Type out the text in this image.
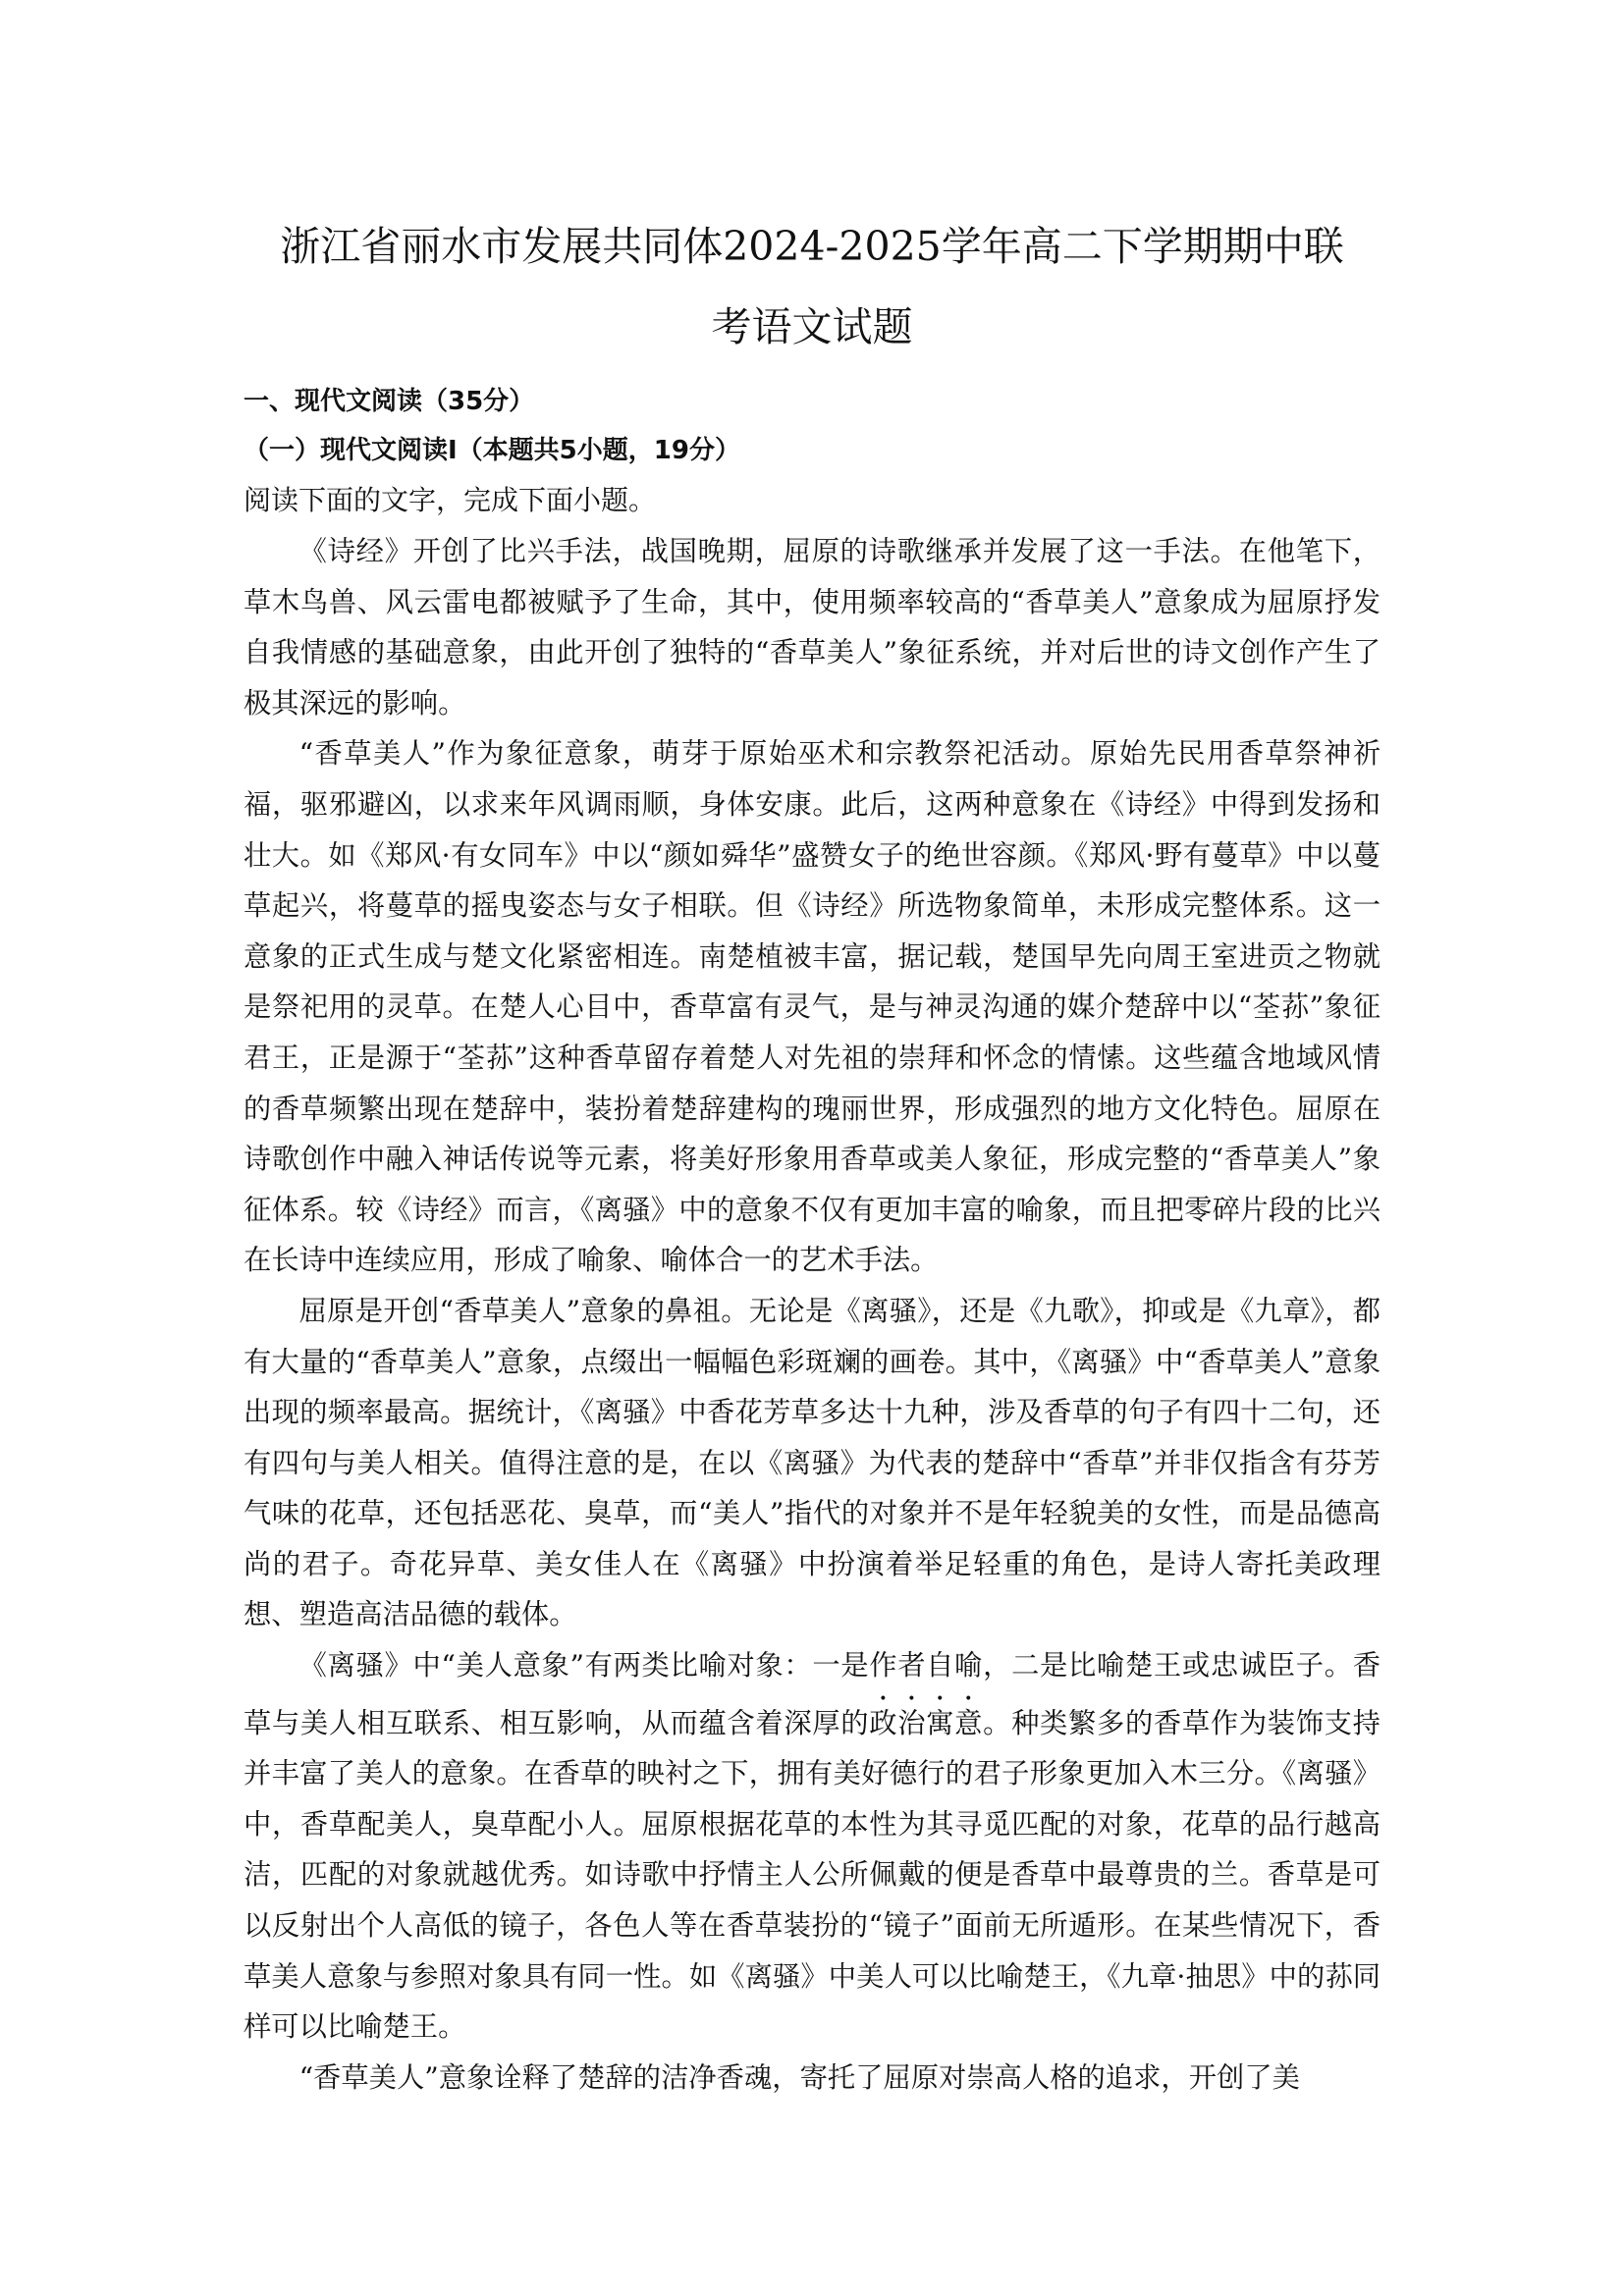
浙江省丽水市发展共同体2024-2025学年高二下学期期中联
考语文试题

一、现代文阅读（35分）

（一）现代文阅读Ⅰ（本题共5小题，19分）

阅读下面的文字，完成下面小题。

《诗经》开创了比兴手法，战国晚期，屈原的诗歌继承并发展了这一手法。在他笔下，草木鸟兽、风云雷电都被赋予了生命，其中，使用频率较高的“香草美人”意象成为屈原抒发自我情感的基础意象，由此开创了独特的“香草美人”象征系统，并对后世的诗文创作产生了极其深远的影响。

“香草美人”作为象征意象，萌芽于原始巫术和宗教祭祀活动。原始先民用香草祭神祈福，驱邪避凶，以求来年风调雨顺，身体安康。此后，这两种意象在《诗经》中得到发扬和壮大。如《郑风·有女同车》中以“颜如舜华”盛赞女子的绝世容颜。《郑风·野有蔓草》中以蔓草起兴，将蔓草的摇曳姿态与女子相联。但《诗经》所选物象简单，未形成完整体系。这一意象的正式生成与楚文化紧密相连。南楚植被丰富，据记载，楚国早先向周王室进贡之物就是祭祀用的灵草。在楚人心目中，香草富有灵气，是与神灵沟通的媒介楚辞中以“荃荪”象征君王，正是源于“荃荪”这种香草留存着楚人对先祖的崇拜和怀念的情愫。这些蕴含地域风情的香草频繁出现在楚辞中，装扮着楚辞建构的瑰丽世界，形成强烈的地方文化特色。屈原在诗歌创作中融入神话传说等元素，将美好形象用香草或美人象征，形成完整的“香草美人”象征体系。较《诗经》而言，《离骚》中的意象不仅有更加丰富的喻象，而且把零碎片段的比兴在长诗中连续应用，形成了喻象、喻体合一的艺术手法。

屈原是开创“香草美人”意象的鼻祖。无论是《离骚》，还是《九歌》，抑或是《九章》，都有大量的“香草美人”意象，点缀出一幅幅色彩斑斓的画卷。其中，《离骚》中“香草美人”意象出现的频率最高。据统计，《离骚》中香花芳草多达十九种，涉及香草的句子有四十二句，还有四句与美人相关。值得注意的是，在以《离骚》为代表的楚辞中“香草”并非仅指含有芬芳气味的花草，还包括恶花、臭草，而“美人”指代的对象并不是年轻貌美的女性，而是品德高尚的君子。奇花异草、美女佳人在《离骚》中扮演着举足轻重的角色，是诗人寄托美政理想、塑造高洁品德的载体。

《离骚》中“美人意象”有两类比喻对象：一是作者自喻，二是比喻楚王或忠诚臣子。香草与美人相互联系、相互影响，从而蕴含着深厚的政治寓意。种类繁多的香草作为装饰支持并丰富了美人的意象。在香草的映衬之下，拥有美好德行的君子形象更加入木三分。《离骚》中，香草配美人，臭草配小人。屈原根据花草的本性为其寻觅匹配的对象，花草的品行越高洁，匹配的对象就越优秀。如诗歌中抒情主人公所佩戴的便是香草中最尊贵的兰。香草是可以反射出个人高低的镜子，各色人等在香草装扮的“镜子”面前无所遁形。在某些情况下，香草美人意象与参照对象具有同一性。如《离骚》中美人可以比喻楚王，《九章·抽思》中的荪同样可以比喻楚王。

“香草美人”意象诠释了楚辞的洁净香魂，寄托了屈原对崇高人格的追求，开创了美
